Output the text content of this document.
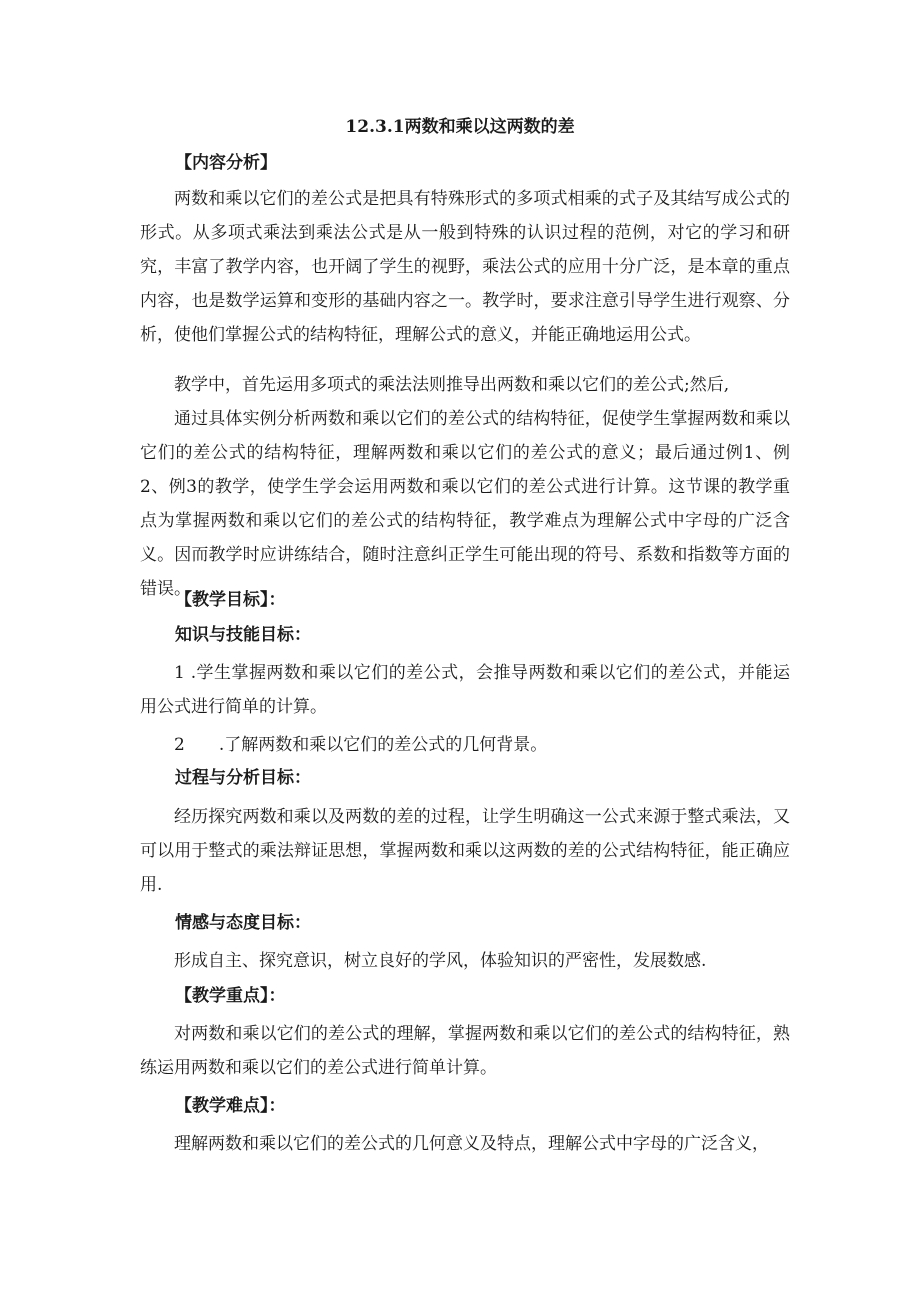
12.3.1两数和乘以这两数的差
【内容分析】
两数和乘以它们的差公式是把具有特殊形式的多项式相乘的式子及其结写成公式的形式。从多项式乘法到乘法公式是从一般到特殊的认识过程的范例，对它的学习和研究，丰富了教学内容，也开阔了学生的视野，乘法公式的应用十分广泛，是本章的重点内容，也是数学运算和变形的基础内容之一。教学时，要求注意引导学生进行观察、分析，使他们掌握公式的结构特征，理解公式的意义，并能正确地运用公式。
教学中，首先运用多项式的乘法法则推导出两数和乘以它们的差公式;然后,
通过具体实例分析两数和乘以它们的差公式的结构特征，促使学生掌握两数和乘以它们的差公式的结构特征，理解两数和乘以它们的差公式的意义；最后通过例1、例2、例3的教学，使学生学会运用两数和乘以它们的差公式进行计算。这节课的教学重点为掌握两数和乘以它们的差公式的结构特征，教学难点为理解公式中字母的广泛含义。因而教学时应讲练结合，随时注意纠正学生可能出现的符号、系数和指数等方面的错误。
【教学目标】：
知识与技能目标：
1 .学生掌握两数和乘以它们的差公式，会推导两数和乘以它们的差公式，并能运用公式进行简单的计算。
2　　.了解两数和乘以它们的差公式的几何背景。
过程与分析目标：
经历探究两数和乘以及两数的差的过程，让学生明确这一公式来源于整式乘法，又可以用于整式的乘法辩证思想，掌握两数和乘以这两数的差的公式结构特征，能正确应用.
情感与态度目标：
形成自主、探究意识，树立良好的学风，体验知识的严密性，发展数感.
【教学重点】：
对两数和乘以它们的差公式的理解，掌握两数和乘以它们的差公式的结构特征，熟练运用两数和乘以它们的差公式进行简单计算。
【教学难点】：
理解两数和乘以它们的差公式的几何意义及特点，理解公式中字母的广泛含义，
